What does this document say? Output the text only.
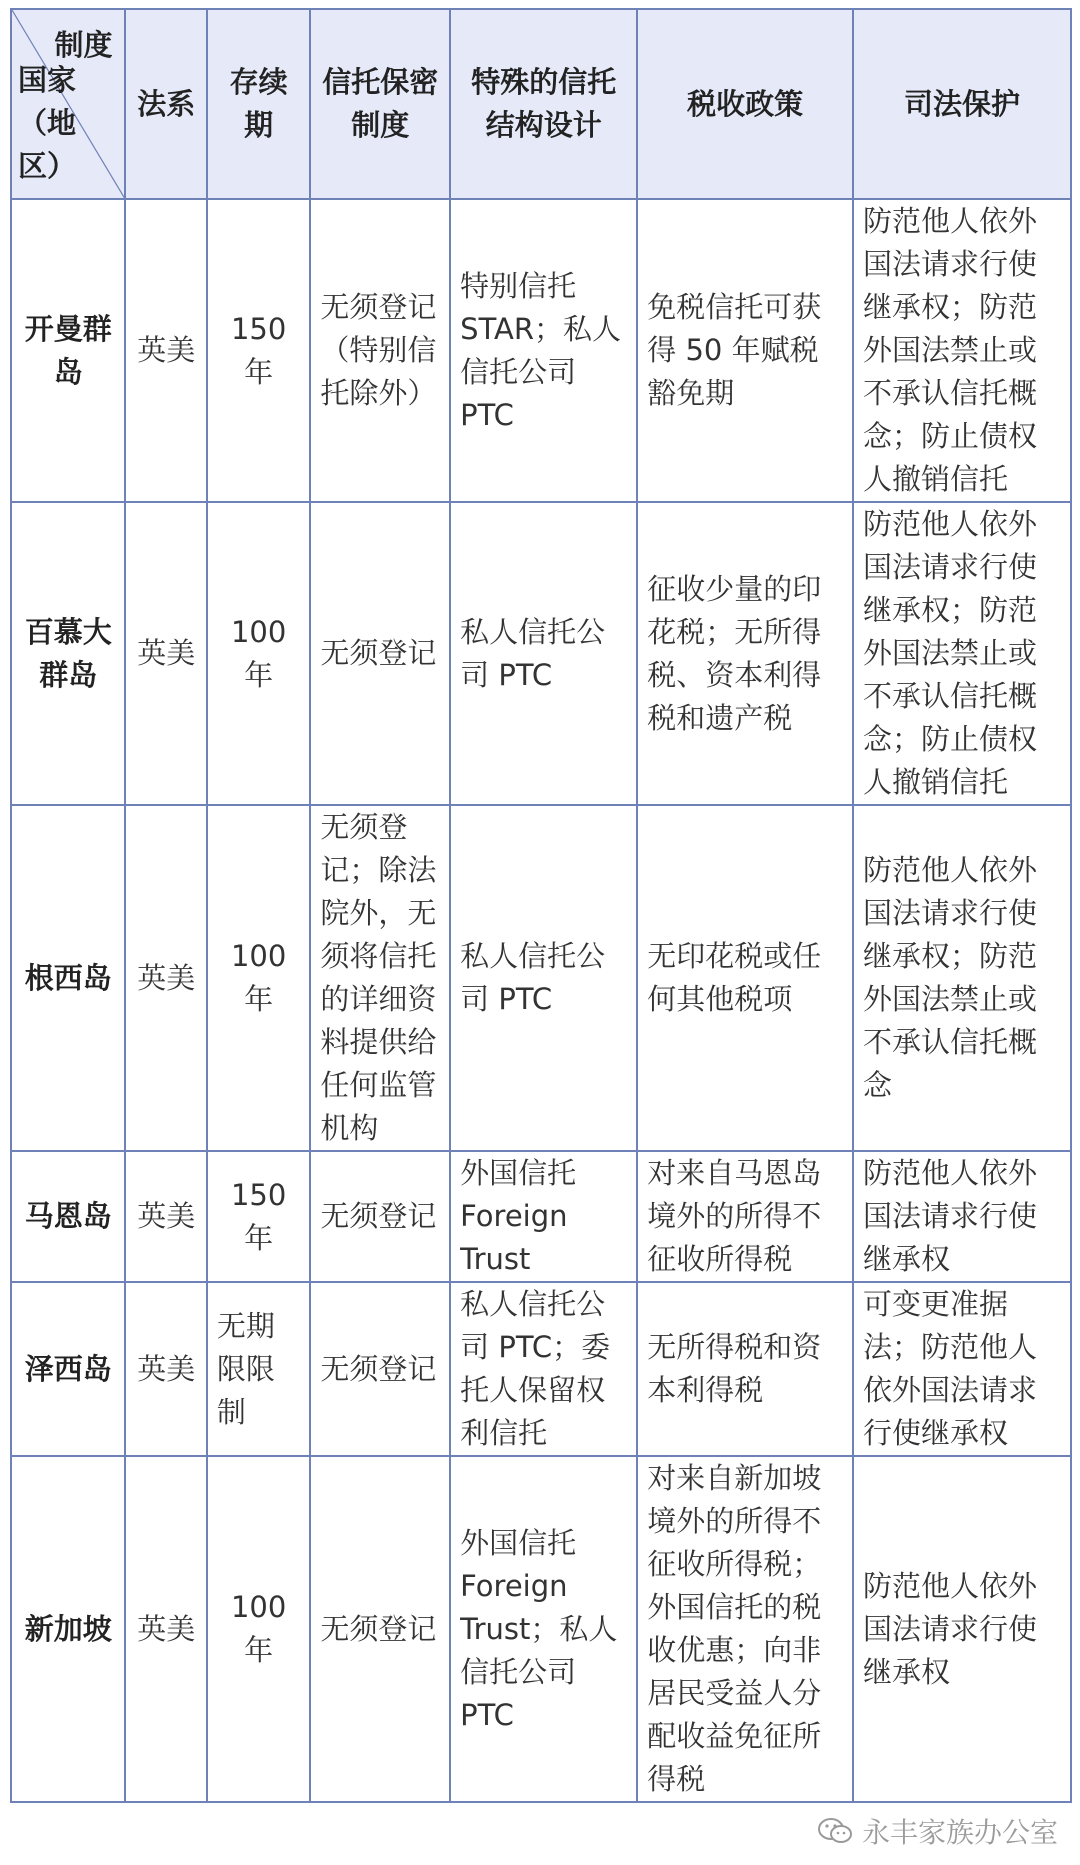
制度
国家（地区）	法系	存续期	信托保密制度	特殊的信托结构设计	税收政策	司法保护
开曼群岛	英美	150 年	无须登记（特别信托除外）	特别信托 STAR；私人信托公司 PTC	免税信托可获得 50 年赋税豁免期	防范他人依外国法请求行使继承权；防范外国法禁止或不承认信托概念；防止债权人撤销信托
百慕大群岛	英美	100 年	无须登记	私人信托公司 PTC	征收少量的印花税；无所得税、资本利得税和遗产税	防范他人依外国法请求行使继承权；防范外国法禁止或不承认信托概念；防止债权人撤销信托
根西岛	英美	100 年	无须登记；除法院外，无须将信托的详细资料提供给任何监管机构	私人信托公司 PTC	无印花税或任何其他税项	防范他人依外国法请求行使继承权；防范外国法禁止或不承认信托概念
马恩岛	英美	150 年	无须登记	外国信托 Foreign Trust	对来自马恩岛境外的所得不征收所得税	防范他人依外国法请求行使继承权
泽西岛	英美	无期限限制	无须登记	私人信托公司 PTC；委托人保留权利信托	无所得税和资本利得税	可变更准据法；防范他人依外国法请求行使继承权
新加坡	英美	100 年	无须登记	外国信托 Foreign Trust；私人信托公司 PTC	对来自新加坡境外的所得不征收所得税；外国信托的税收优惠；向非居民受益人分配收益免征所得税	防范他人依外国法请求行使继承权
永丰家族办公室
